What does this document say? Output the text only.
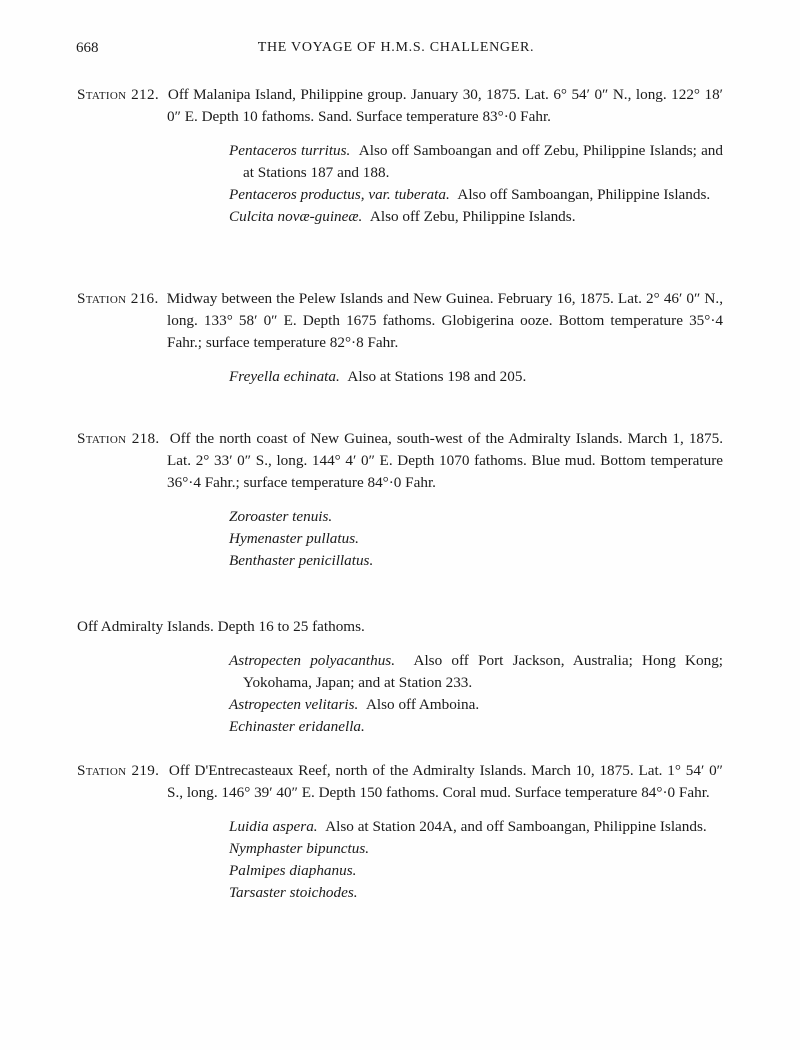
668	THE VOYAGE OF H.M.S. CHALLENGER.
Station 212. Off Malanipa Island, Philippine group. January 30, 1875. Lat. 6° 54′ 0″ N., long. 122° 18′ 0″ E. Depth 10 fathoms. Sand. Surface temperature 83°·0 Fahr.
Pentaceros turritus. Also off Samboangan and off Zebu, Philippine Islands; and at Stations 187 and 188.
Pentaceros productus, var. tuberata. Also off Samboangan, Philippine Islands.
Culcita novæ-guineæ. Also off Zebu, Philippine Islands.
Station 216. Midway between the Pelew Islands and New Guinea. February 16, 1875. Lat. 2° 46′ 0″ N., long. 133° 58′ 0″ E. Depth 1675 fathoms. Globigerina ooze. Bottom temperature 35°·4 Fahr.; surface temperature 82°·8 Fahr.
Freyella echinata. Also at Stations 198 and 205.
Station 218. Off the north coast of New Guinea, south-west of the Admiralty Islands. March 1, 1875. Lat. 2° 33′ 0″ S., long. 144° 4′ 0″ E. Depth 1070 fathoms. Blue mud. Bottom temperature 36°·4 Fahr.; surface temperature 84°·0 Fahr.
Zoroaster tenuis.
Hymenaster pullatus.
Benthaster penicillatus.
Off Admiralty Islands. Depth 16 to 25 fathoms.
Astropecten polyacanthus. Also off Port Jackson, Australia; Hong Kong; Yokohama, Japan; and at Station 233.
Astropecten velitaris. Also off Amboina.
Echinaster eridanella.
Station 219. Off D'Entrecasteaux Reef, north of the Admiralty Islands. March 10, 1875. Lat. 1° 54′ 0″ S., long. 146° 39′ 40″ E. Depth 150 fathoms. Coral mud. Surface temperature 84°·0 Fahr.
Luidia aspera. Also at Station 204A, and off Samboangan, Philippine Islands.
Nymphaster bipunctus.
Palmipes diaphanus.
Tarsaster stoichodes.
